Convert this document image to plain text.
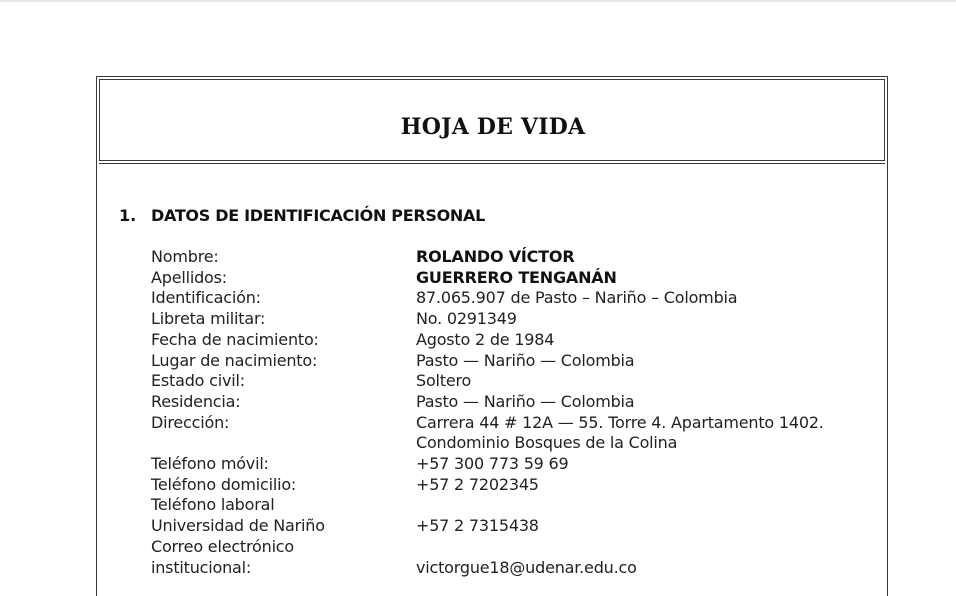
HOJA DE VIDA
1. DATOS DE IDENTIFICACIÓN PERSONAL
Nombre:	ROLANDO VÍCTOR
Apellidos:	GUERRERO TENGANÁN
Identificación:	87.065.907 de Pasto – Nariño – Colombia
Libreta militar:	No. 0291349
Fecha de nacimiento:	Agosto 2 de 1984
Lugar de nacimiento:	Pasto — Nariño — Colombia
Estado civil:	Soltero
Residencia:	Pasto — Nariño — Colombia
Dirección:	Carrera 44 # 12A — 55. Torre 4. Apartamento 1402.
Condominio Bosques de la Colina
Teléfono móvil:	+57 300 773 59 69
Teléfono domicilio:	+57 2 7202345
Teléfono laboral
Universidad de Nariño	+57 2 7315438
Correo electrónico
institucional:	victorgue18@udenar.edu.co
